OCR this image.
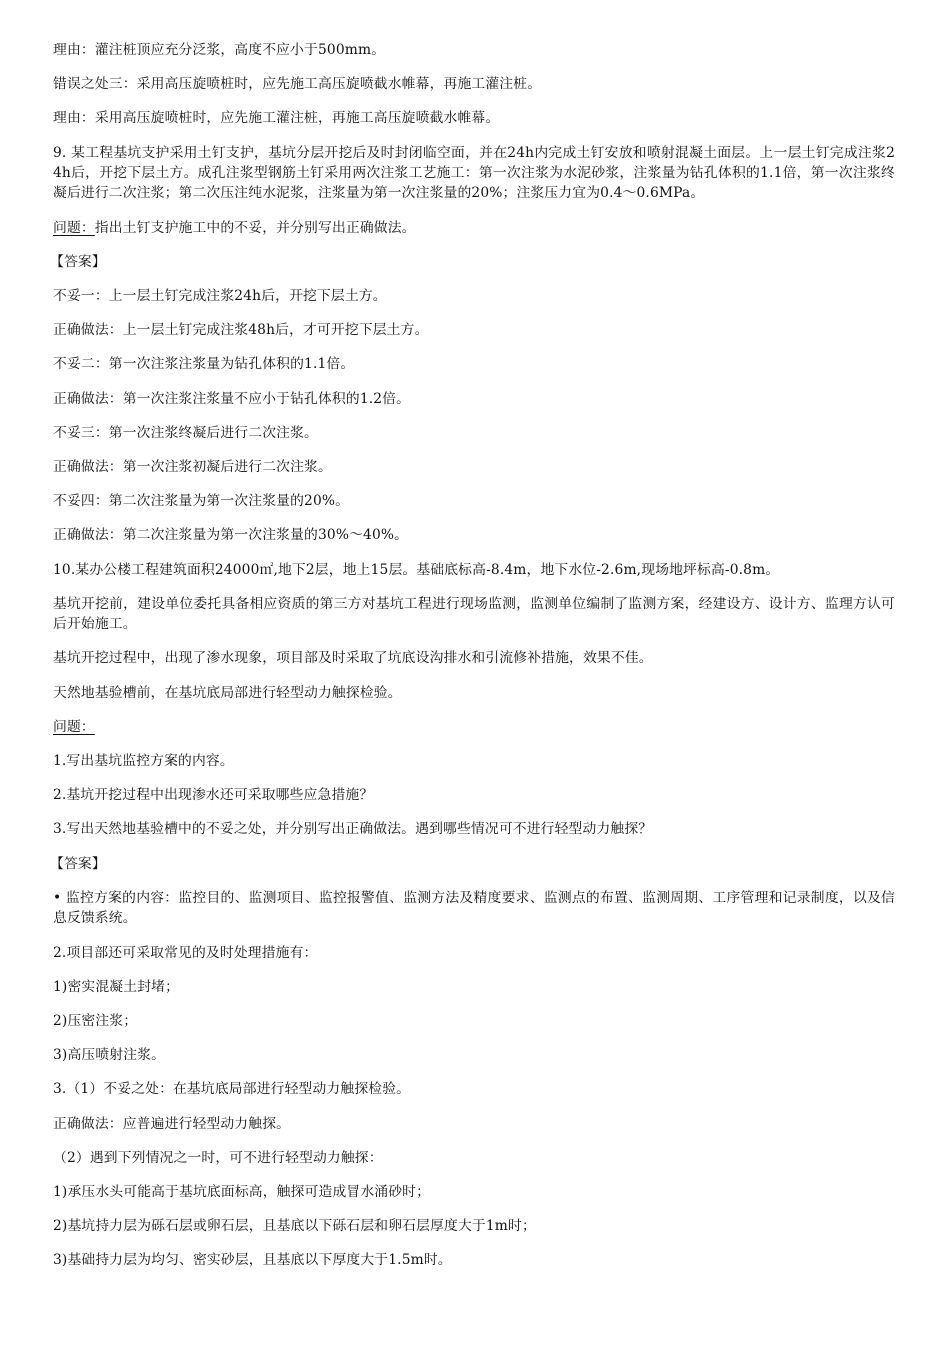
理由：灌注桩顶应充分泛浆，高度不应小于500mm。

错误之处三：采用高压旋喷桩时，应先施工高压旋喷截水帷幕，再施工灌注桩。

理由：采用高压旋喷桩时，应先施工灌注桩，再施工高压旋喷截水帷幕。

9. 某工程基坑支护采用土钉支护，基坑分层开挖后及时封闭临空面，并在24h内完成土钉安放和喷射混凝土面层。上一层土钉完成注浆24h后，开挖下层土方。成孔注浆型钢筋土钉采用两次注浆工艺施工：第一次注浆为水泥砂浆，注浆量为钻孔体积的1.1倍，第一次注浆终凝后进行二次注浆；第二次压注纯水泥浆，注浆量为第一次注浆量的20%；注浆压力宜为0.4～0.6MPa。

问题：指出土钉支护施工中的不妥，并分别写出正确做法。

【答案】

不妥一：上一层土钉完成注浆24h后，开挖下层土方。

正确做法：上一层土钉完成注浆48h后，才可开挖下层土方。

不妥二：第一次注浆注浆量为钻孔体积的1.1倍。

正确做法：第一次注浆注浆量不应小于钻孔体积的1.2倍。

不妥三：第一次注浆终凝后进行二次注浆。

正确做法：第一次注浆初凝后进行二次注浆。

不妥四：第二次注浆量为第一次注浆量的20%。

正确做法：第二次注浆量为第一次注浆量的30%～40%。

10.某办公楼工程建筑面积24000㎡,地下2层，地上15层。基础底标高-8.4m，地下水位-2.6m,现场地坪标高-0.8m。

基坑开挖前，建设单位委托具备相应资质的第三方对基坑工程进行现场监测，监测单位编制了监测方案，经建设方、设计方、监理方认可后开始施工。

基坑开挖过程中，出现了渗水现象，项目部及时采取了坑底设沟排水和引流修补措施，效果不佳。

天然地基验槽前，在基坑底局部进行轻型动力触探检验。

问题： 

1.写出基坑监控方案的内容。

2.基坑开挖过程中出现渗水还可采取哪些应急措施？

3.写出天然地基验槽中的不妥之处，并分别写出正确做法。遇到哪些情况可不进行轻型动力触探？

【答案】

• 监控方案的内容：监控目的、监测项目、监控报警值、监测方法及精度要求、监测点的布置、监测周期、工序管理和记录制度，以及信息反馈系统。

2.项目部还可采取常见的及时处理措施有：

1)密实混凝土封堵；

2)压密注浆；

3)高压喷射注浆。

3.（1）不妥之处：在基坑底局部进行轻型动力触探检验。

正确做法：应普遍进行轻型动力触探。

（2）遇到下列情况之一时，可不进行轻型动力触探：

1)承压水头可能高于基坑底面标高，触探可造成冒水涌砂时；

2)基坑持力层为砾石层或卵石层，且基底以下砾石层和卵石层厚度大于1m时；

3)基础持力层为均匀、密实砂层，且基底以下厚度大于1.5m时。
